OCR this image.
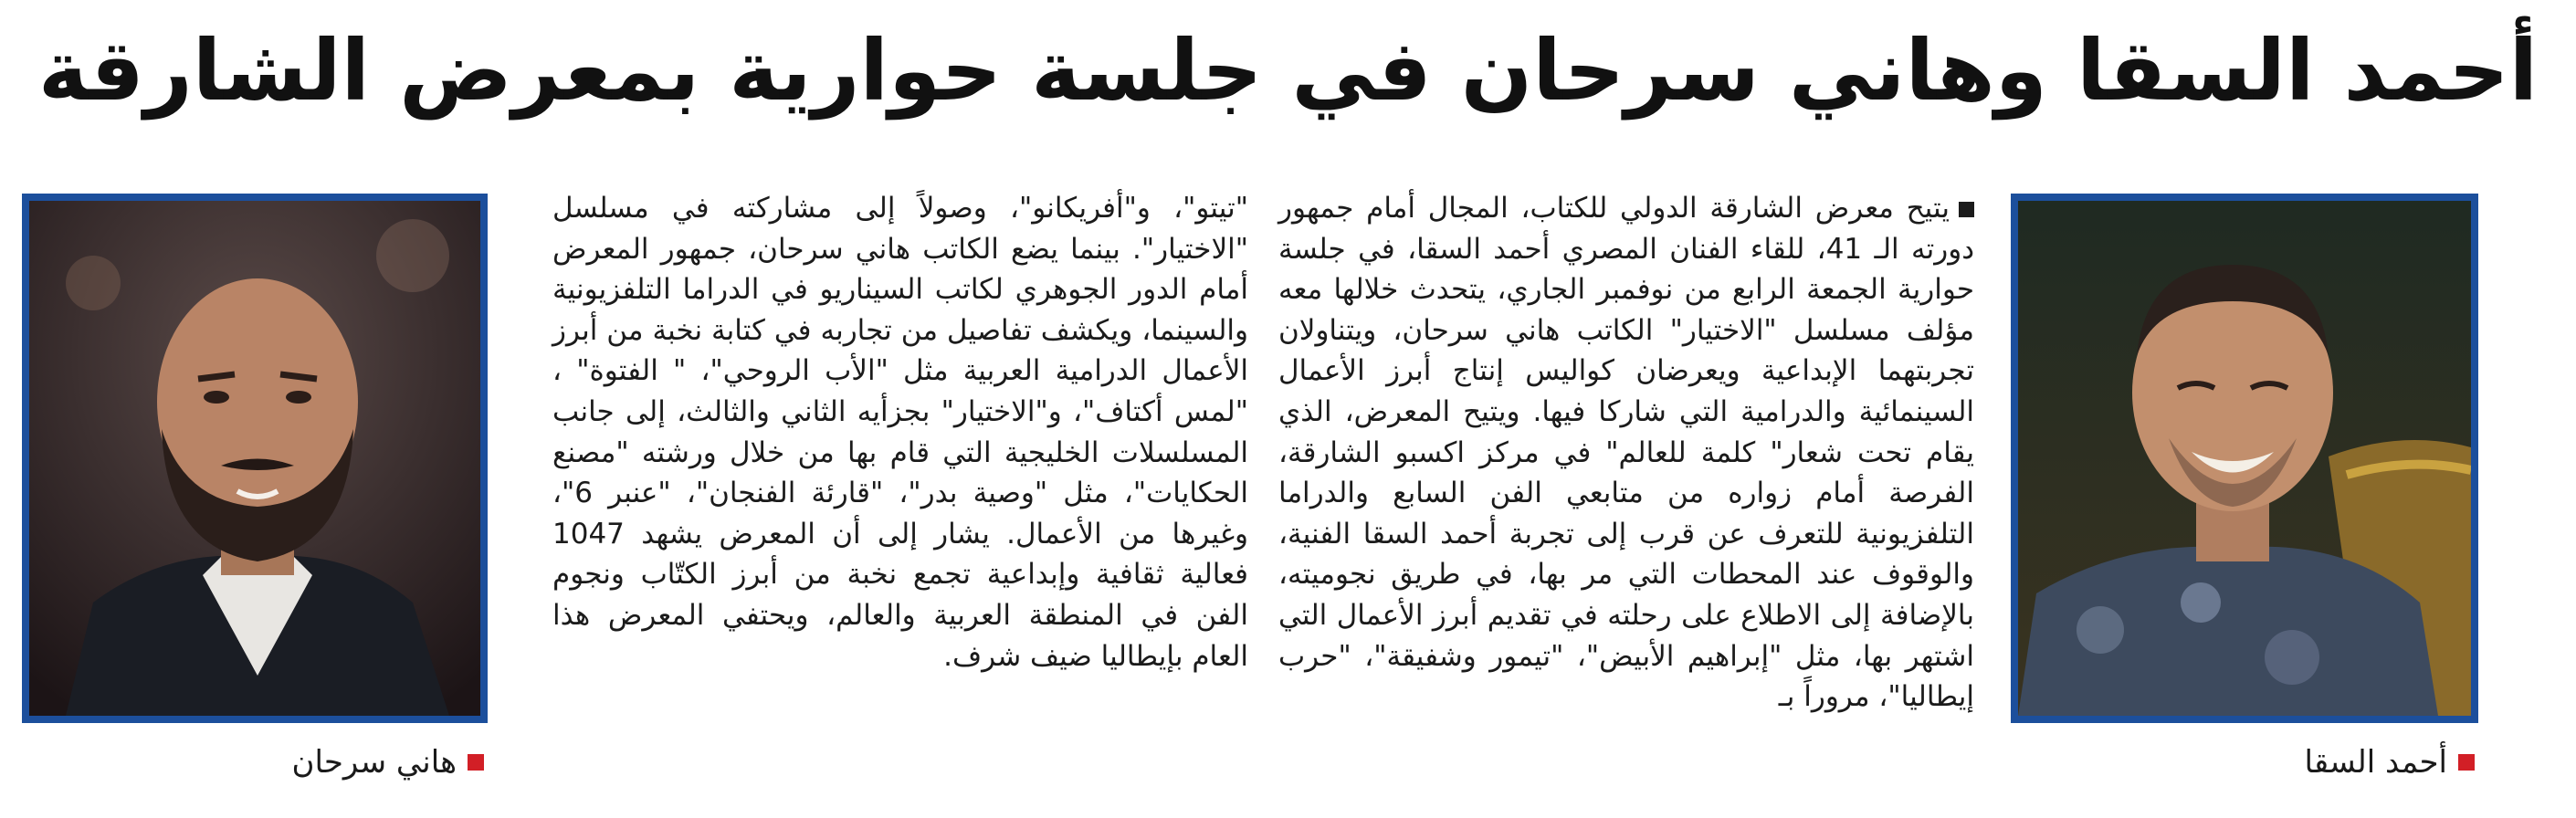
أحمد السقا وهاني سرحان في جلسة حوارية بمعرض الشارقة
هاني سرحان
"تيتو"، و"أفريكانو"، وصولاً إلى مشاركته في مسلسل "الاختيار". بينما يضع الكاتب هاني سرحان، جمهور المعرض أمام الدور الجوهري لكاتب السيناريو في الدراما التلفزيونية والسينما، ويكشف تفاصيل من تجاربه في كتابة نخبة من أبرز الأعمال الدرامية العربية مثل "الأب الروحي"، " الفتوة" ، "لمس أكتاف"، و"الاختيار" بجزأيه الثاني والثالث، إلى جانب المسلسلات الخليجية التي قام بها من خلال ورشته "مصنع الحكايات"، مثل "وصية بدر"، "قارئة الفنجان"، "عنبر 6"، وغيرها من الأعمال. يشار إلى أن المعرض يشهد 1047 فعالية ثقافية وإبداعية تجمع نخبة من أبرز الكتّاب ونجوم الفن في المنطقة العربية والعالم، ويحتفي المعرض هذا العام بإيطاليا ضيف شرف.
يتيح معرض الشارقة الدولي للكتاب، المجال أمام جمهور دورته الـ 41، للقاء الفنان المصري أحمد السقا، في جلسة حوارية الجمعة الرابع من نوفمبر الجاري، يتحدث خلالها معه مؤلف مسلسل "الاختيار" الكاتب هاني سرحان، ويتناولان تجربتهما الإبداعية ويعرضان كواليس إنتاج أبرز الأعمال السينمائية والدرامية التي شاركا فيها. ويتيح المعرض، الذي يقام تحت شعار" كلمة للعالم" في مركز اكسبو الشارقة، الفرصة أمام زواره من متابعي الفن السابع والدراما التلفزيونية للتعرف عن قرب إلى تجربة أحمد السقا الفنية، والوقوف عند المحطات التي مر بها، في طريق نجوميته، بالإضافة إلى الاطلاع على رحلته في تقديم أبرز الأعمال التي اشتهر بها، مثل "إبراهيم الأبيض"، "تيمور وشفيقة"، "حرب إيطاليا"، مروراً بـ
أحمد السقا
